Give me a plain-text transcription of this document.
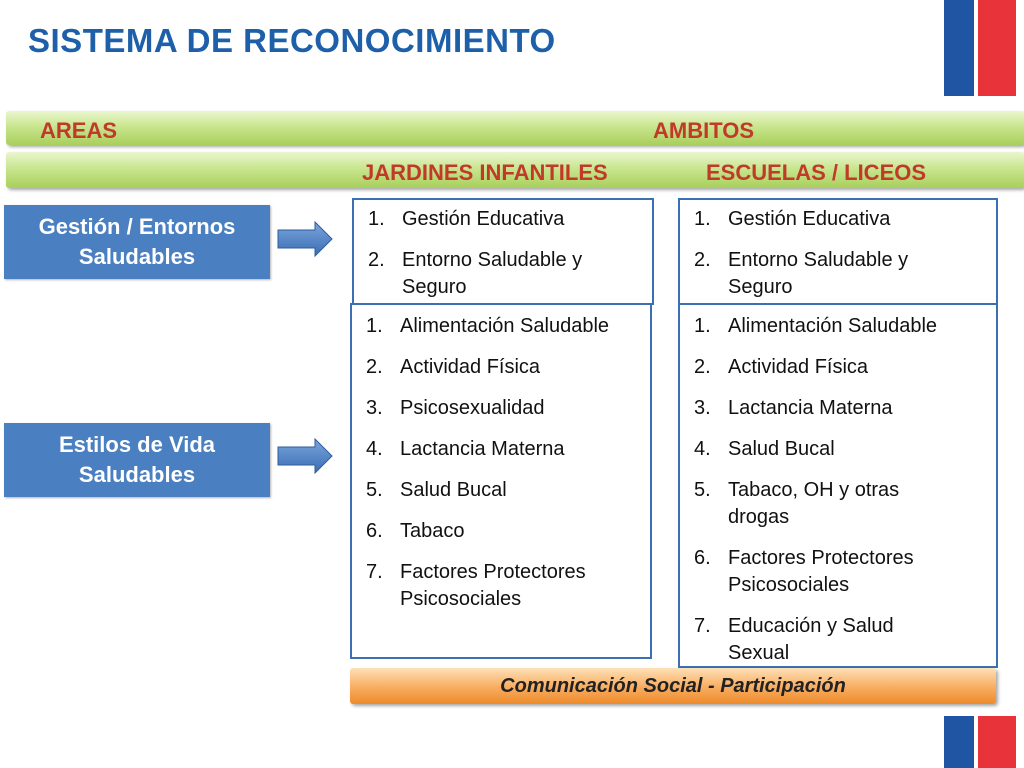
SISTEMA DE RECONOCIMIENTO
AREAS	AMBITOS
JARDINES INFANTILES	ESCUELAS / LICEOS
Gestión / Entornos
Saludables
Estilos de Vida
Saludables
1. Gestión Educativa
2. Entorno Saludable y
Seguro
1. Gestión Educativa
2. Entorno Saludable y
Seguro
1. Alimentación Saludable
2. Actividad Física
3. Psicosexualidad
4. Lactancia Materna
5. Salud Bucal
6. Tabaco
7. Factores Protectores
Psicosociales
1. Alimentación Saludable
2. Actividad Física
3. Lactancia Materna
4. Salud Bucal
5. Tabaco, OH y otras
drogas
6. Factores Protectores
Psicosociales
7. Educación y Salud
Sexual
Comunicación Social - Participación
